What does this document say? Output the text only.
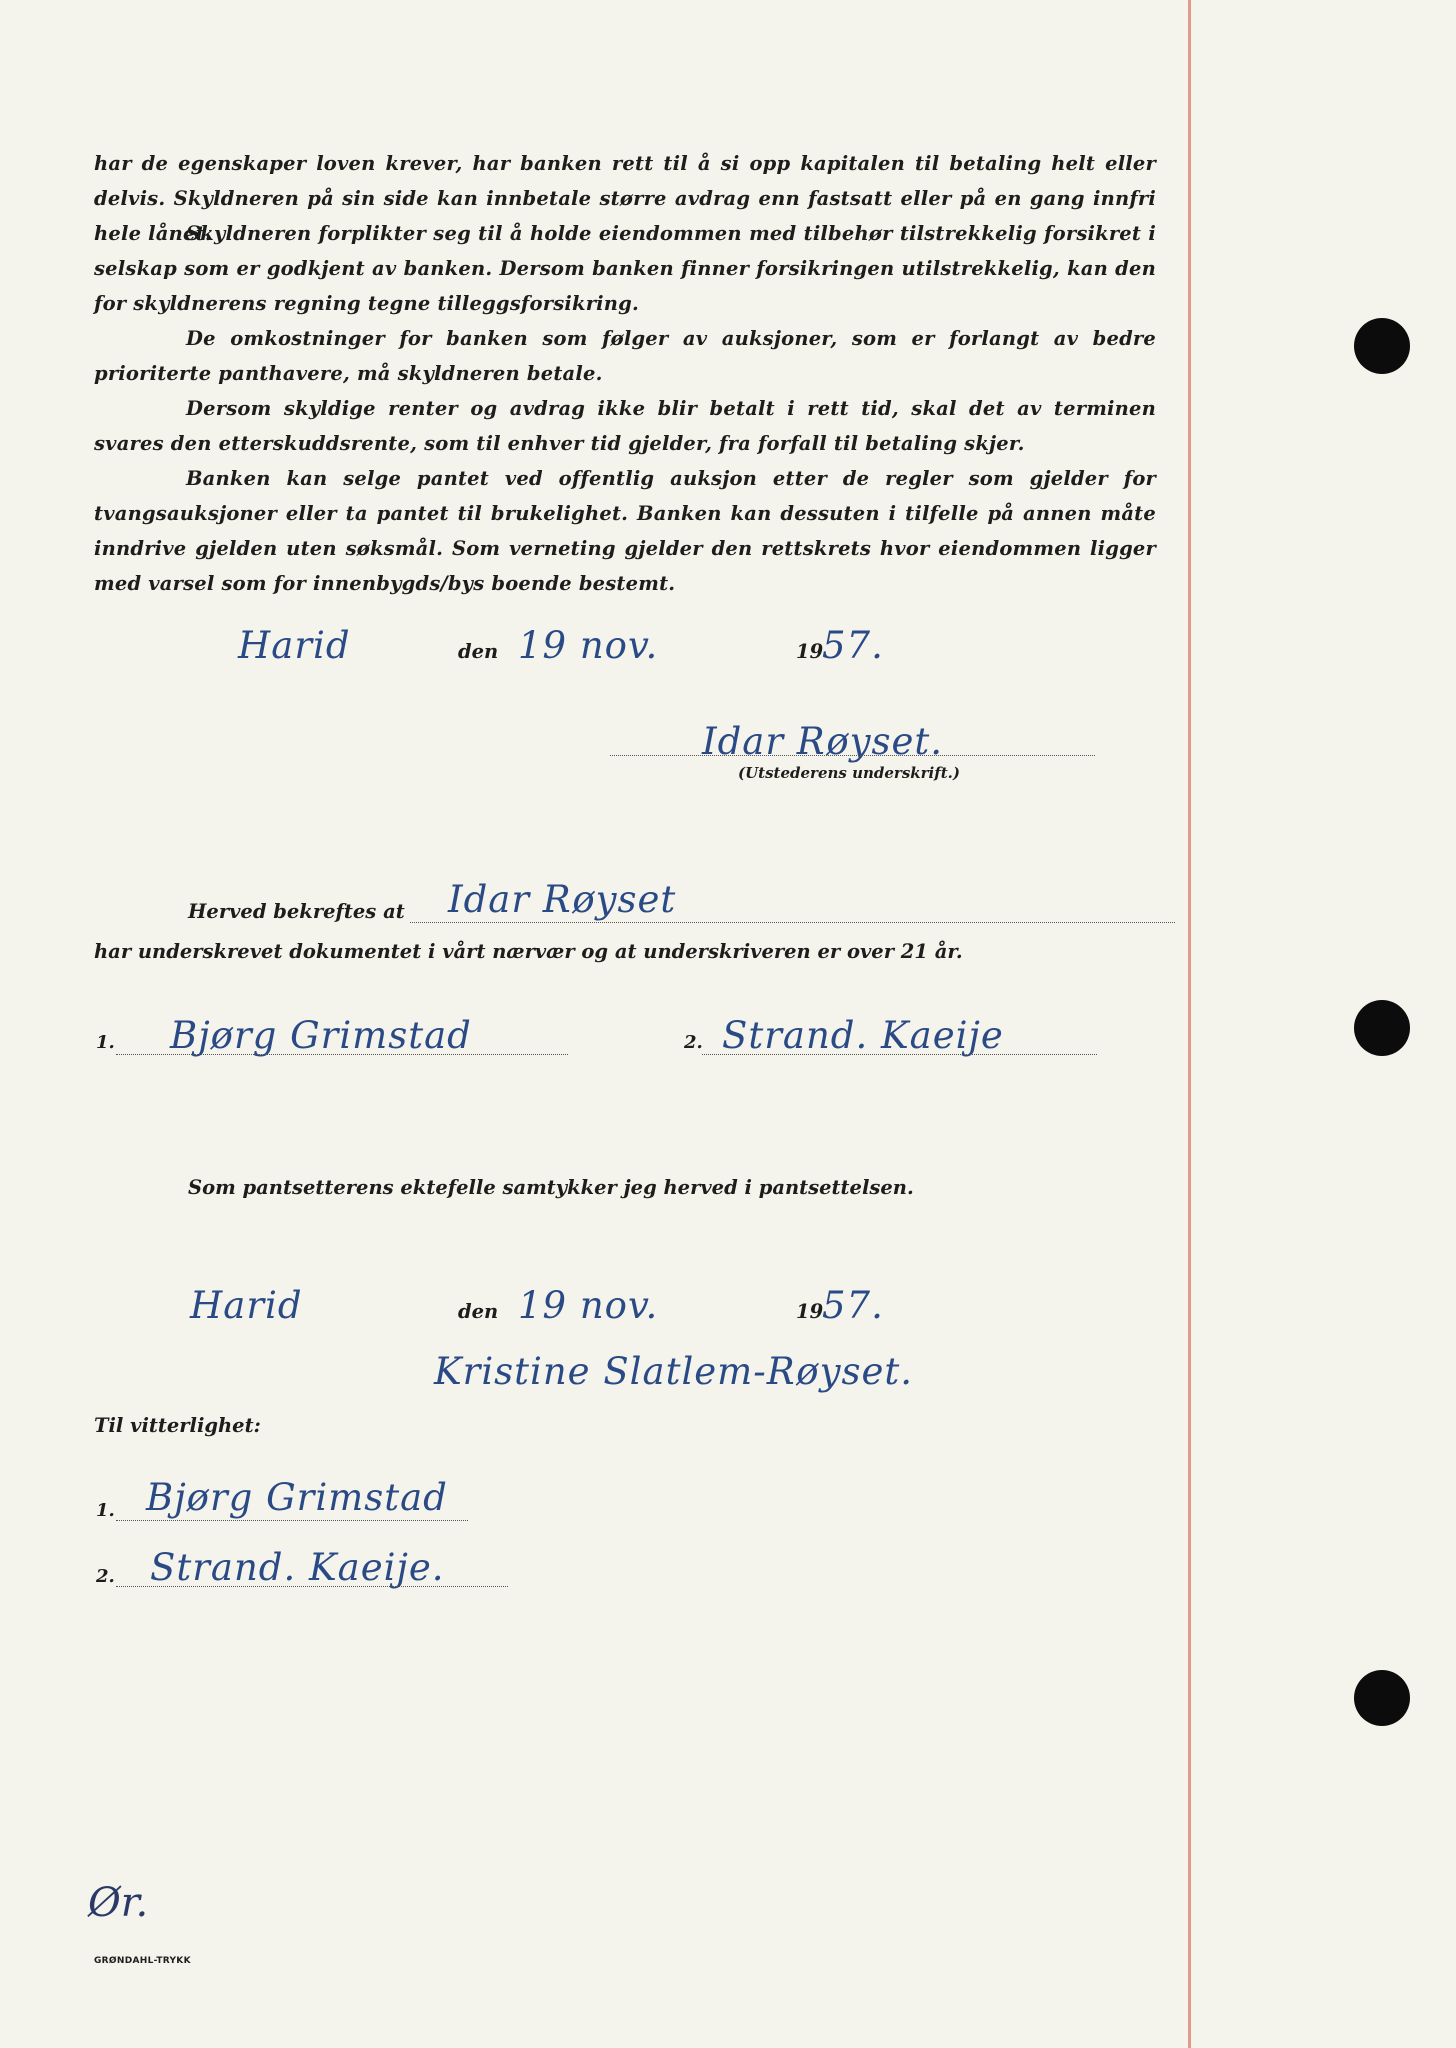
har de egenskaper loven krever, har banken rett til å si opp kapitalen til betaling helt eller delvis. Skyldneren på sin side kan innbetale større avdrag enn fastsatt eller på en gang innfri hele lånet.

Skyldneren forplikter seg til å holde eiendommen med tilbehør tilstrekkelig forsikret i selskap som er godkjent av banken. Dersom banken finner forsikringen utilstrekkelig, kan den for skyldnerens regning tegne tilleggsforsikring.

De omkostninger for banken som følger av auksjoner, som er forlangt av bedre prioriterte panthavere, må skyldneren betale.

Dersom skyldige renter og avdrag ikke blir betalt i rett tid, skal det av terminen svares den etterskuddsrente, som til enhver tid gjelder, fra forfall til betaling skjer.

Banken kan selge pantet ved offentlig auksjon etter de regler som gjelder for tvangsauksjoner eller ta pantet til brukelighet. Banken kan dessuten i tilfelle på annen måte inndrive gjelden uten søksmål. Som verneting gjelder den rettskrets hvor eiendommen ligger med varsel som for innenbygds/bys boende bestemt.

Harid	den 19 nov.	19
57.
Idar Røyset.
(Utstederens underskrift.)
Herved bekreftes at Idar Røyset
har underskrevet dokumentet i vårt nærvær og at underskriveren er over 21 år.
1. Bjørg Grimstad	2. Strand. Kaeije
Som pantsetterens ektefelle samtykker jeg herved i pantsettelsen.
Harid	den 19 nov.	19
57.
Kristine Slatlem-Røyset.
Til vitterlighet:
1. Bjørg Grimstad
2. Strand. Kaeije.
Ør.
GRØNDAHL-TRYKK
